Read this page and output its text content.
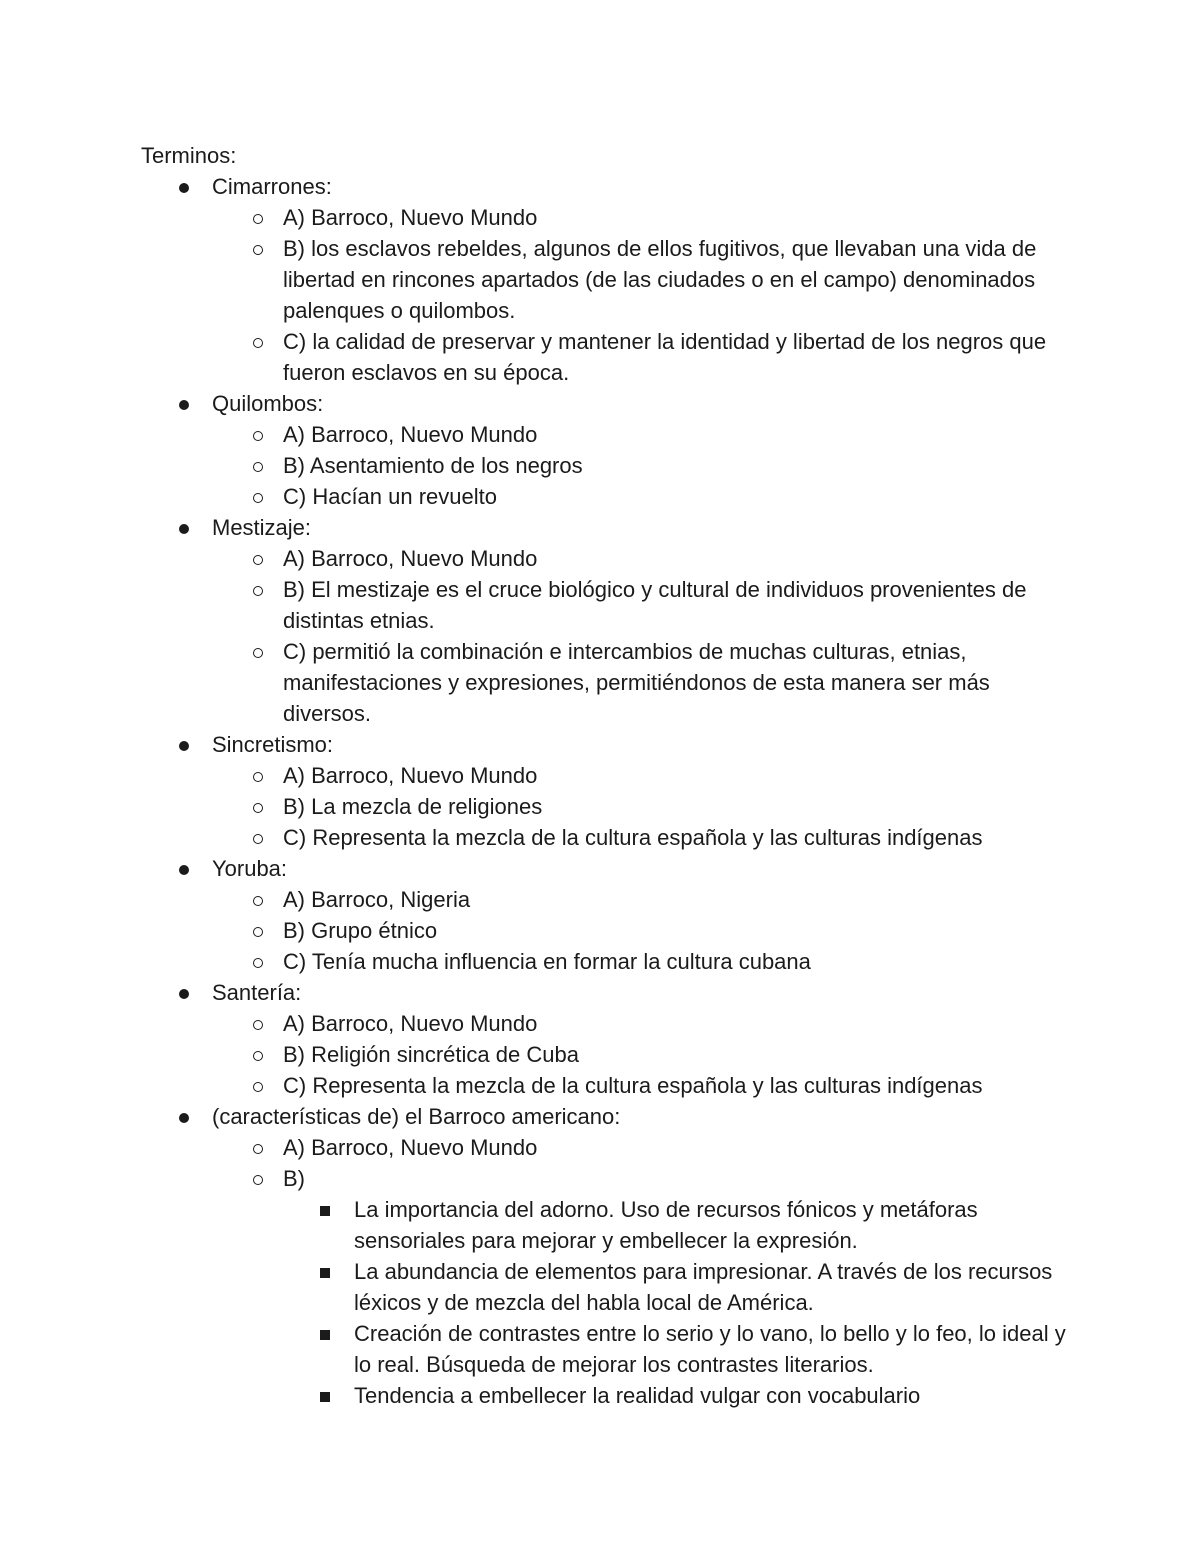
Terminos:

Cimarrones:
A) Barroco, Nuevo Mundo
B) los esclavos rebeldes, algunos de ellos fugitivos, que llevaban una vida de libertad en rincones apartados (de las ciudades o en el campo) denominados palenques o quilombos.
C) la calidad de preservar y mantener la identidad y libertad de los negros que fueron esclavos en su época.
Quilombos:
A) Barroco, Nuevo Mundo
B) Asentamiento de los negros
C) Hacían un revuelto
Mestizaje:
A) Barroco, Nuevo Mundo
B) El mestizaje es el cruce biológico y cultural de individuos provenientes de distintas etnias.
C) permitió la combinación e intercambios de muchas culturas, etnias, manifestaciones y expresiones, permitiéndonos de esta manera ser más diversos.
Sincretismo:
A) Barroco, Nuevo Mundo
B) La mezcla de religiones
C) Representa la mezcla de la cultura española y las culturas indígenas
Yoruba:
A) Barroco, Nigeria
B) Grupo étnico
C) Tenía mucha influencia en formar la cultura cubana
Santería:
A) Barroco, Nuevo Mundo
B) Religión sincrética de Cuba
C) Representa la mezcla de la cultura española y las culturas indígenas
(características de) el Barroco americano:
A) Barroco, Nuevo Mundo
B)
La importancia del adorno. Uso de recursos fónicos y metáforas sensoriales para mejorar y embellecer la expresión.
La abundancia de elementos para impresionar. A través de los recursos léxicos y de mezcla del habla local de América.
Creación de contrastes entre lo serio y lo vano, lo bello y lo feo, lo ideal y lo real. Búsqueda de mejorar los contrastes literarios.
Tendencia a embellecer la realidad vulgar con vocabulario
